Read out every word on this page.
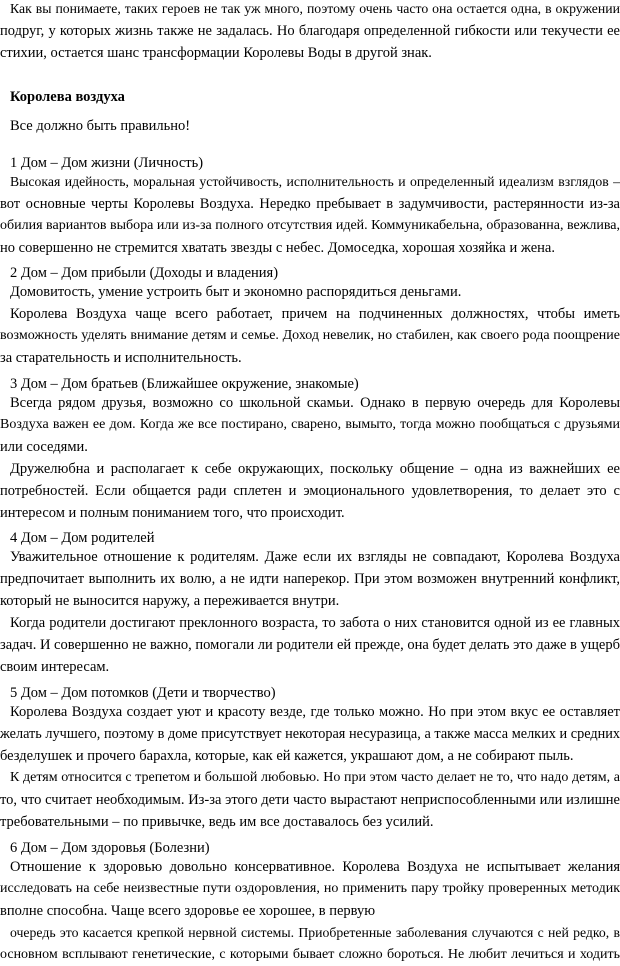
Как вы понимаете, таких героев не так уж много, поэтому очень часто она остается одна, в окружении
подруг, у которых жизнь также не задалась. Но благодаря определенной гибкости или текучести ее
стихии, остается шанс трансформации Королевы Воды в другой знак.
Королева воздуха
Все должно быть правильно!
1 Дом – Дом жизни (Личность)
Высокая идейность, моральная устойчивость, исполнительность и определенный идеализм взглядов –
вот основные черты Королевы Воздуха. Нередко пребывает в задумчивости, растерянности из-за
обилия вариантов выбора или из-за полного отсутствия идей. Коммуникабельна, образованна, вежлива,
но совершенно не стремится хватать звезды с небес. Домоседка, хорошая хозяйка и жена.
2 Дом – Дом прибыли (Доходы и владения)
Домовитость, умение устроить быт и экономно распорядиться деньгами.
Королева Воздуха чаще всего работает, причем на подчиненных должностях, чтобы иметь
возможность уделять внимание детям и семье. Доход невелик, но стабилен, как своего рода поощрение
за старательность и исполнительность.
3 Дом – Дом братьев (Ближайшее окружение, знакомые)
Всегда рядом друзья, возможно со школьной скамьи. Однако в первую очередь для Королевы
Воздуха важен ее дом. Когда же все постирано, сварено, вымыто, тогда можно пообщаться с друзьями
или соседями.
Дружелюбна и располагает к себе окружающих, поскольку общение – одна из важнейших ее
потребностей. Если общается ради сплетен и эмоционального удовлетворения, то делает это с
интересом и полным пониманием того, что происходит.
4 Дом – Дом родителей
Уважительное отношение к родителям. Даже если их взгляды не совпадают, Королева Воздуха
предпочитает выполнить их волю, а не идти наперекор. При этом возможен внутренний конфликт,
который не выносится наружу, а переживается внутри.
Когда родители достигают преклонного возраста, то забота о них становится одной из ее главных
задач. И совершенно не важно, помогали ли родители ей прежде, она будет делать это даже в ущерб
своим интересам.
5 Дом – Дом потомков (Дети и творчество)
Королева Воздуха создает уют и красоту везде, где только можно. Но при этом вкус ее оставляет
желать лучшего, поэтому в доме присутствует некоторая несуразица, а также масса мелких и средних
безделушек и прочего барахла, которые, как ей кажется, украшают дом, а не собирают пыль.
К детям относится с трепетом и большой любовью. Но при этом часто делает не то, что надо детям, а
то, что считает необходимым. Из-за этого дети часто вырастают неприспособленными или излишне
требовательными – по привычке, ведь им все доставалось без усилий.
6 Дом – Дом здоровья (Болезни)
Отношение к здоровью довольно консервативное. Королева Воздуха не испытывает желания
исследовать на себе неизвестные пути оздоровления, но применить пару тройку проверенных методик
вполне способна. Чаще всего здоровье ее хорошее, в первую
очередь это касается крепкой нервной системы. Приобретенные заболевания случаются с ней редко, в
основном всплывают генетические, с которыми бывает сложно бороться. Не любит лечиться и ходить
